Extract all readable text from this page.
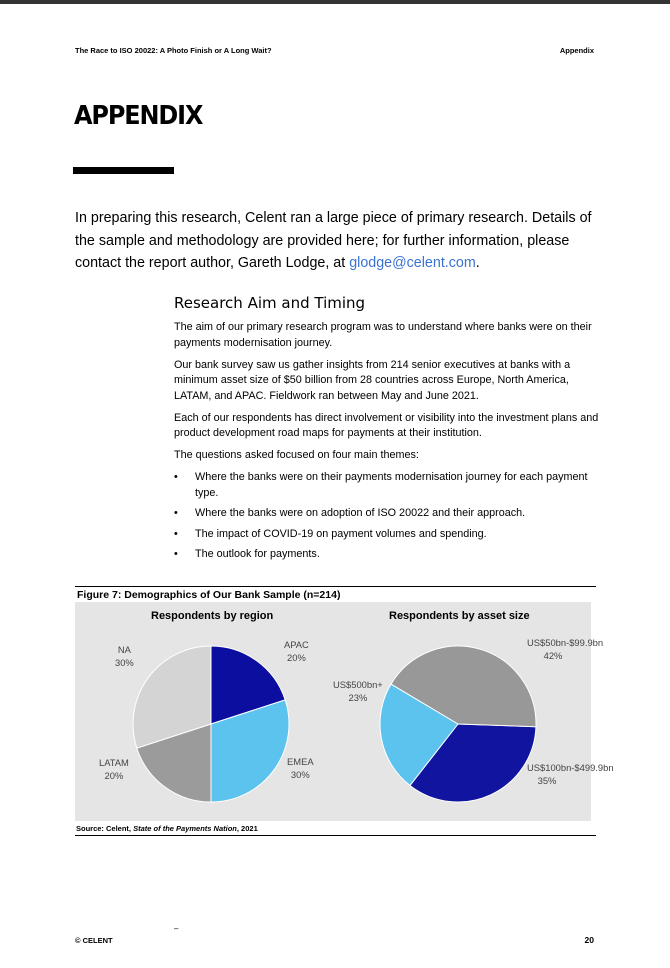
The Race to ISO 20022: A Photo Finish or A Long Wait?	Appendix
APPENDIX

In preparing this research, Celent ran a large piece of primary research. Details of the sample and methodology are provided here; for further information, please contact the report author, Gareth Lodge, at glodge@celent.com.

Research Aim and Timing

The aim of our primary research program was to understand where banks were on their payments modernisation journey.

Our bank survey saw us gather insights from 214 senior executives at banks with a minimum asset size of $50 billion from 28 countries across Europe, North America, LATAM, and APAC. Fieldwork ran between May and June 2021.

Each of our respondents has direct involvement or visibility into the investment plans and product development road maps for payments at their institution.

The questions asked focused on four main themes:

• Where the banks were on their payments modernisation journey for each payment type.
• Where the banks were on adoption of ISO 20022 and their approach.
• The impact of COVID-19 on payment volumes and spending.
• The outlook for payments.
Figure 7: Demographics of Our Bank Sample (n=214)
Respondents by region
APAC
20%
EMEA
30%
LATAM
20%
NA
30%
Respondents by asset size
US$100bn-$499.9bn
35%
US$500bn+
23%
US$50bn-$99.9bn
42%
Source: Celent, State of the Payments Nation, 2021
–
© CELENT	20
